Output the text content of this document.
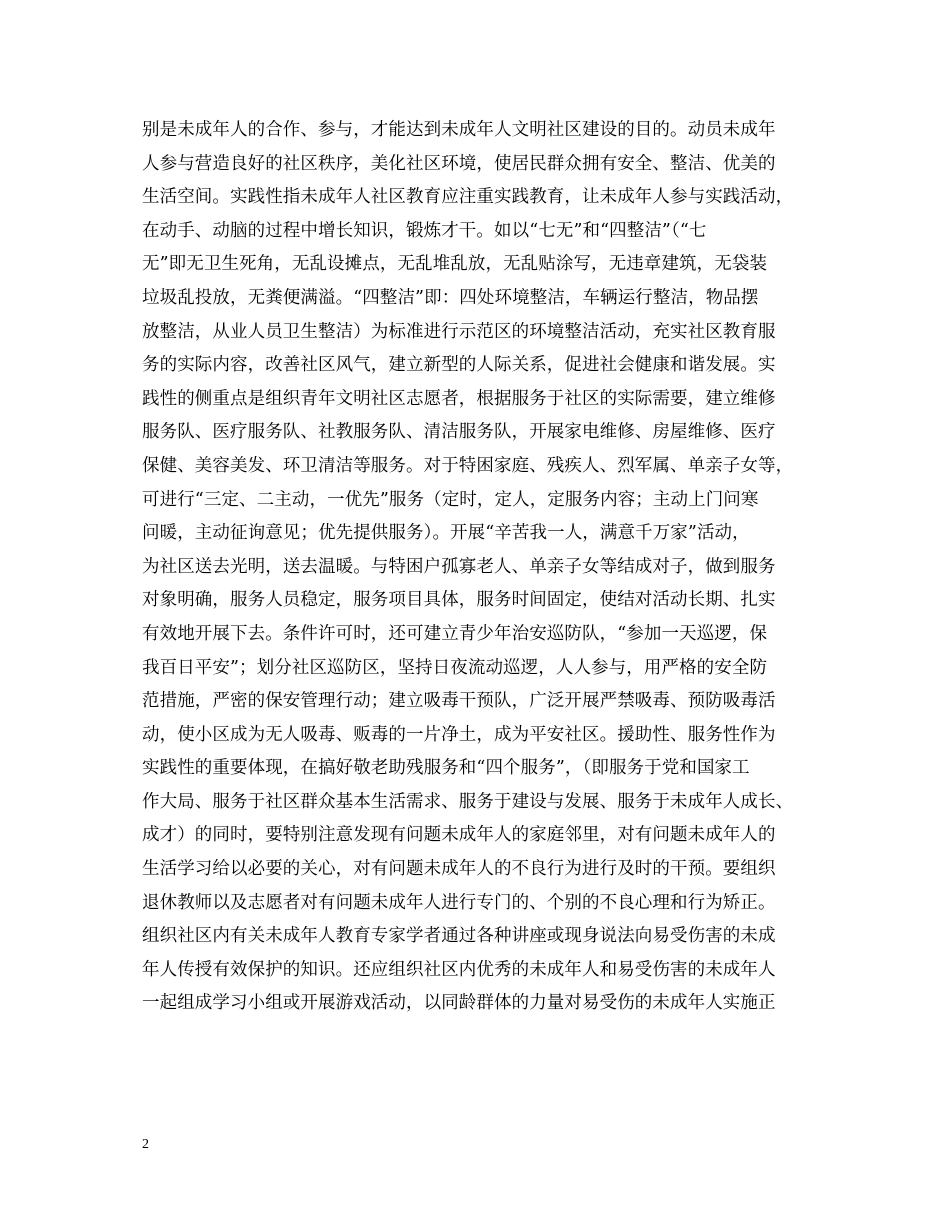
别是未成年人的合作、参与，才能达到未成年人文明社区建设的目的。动员未成年
人参与营造良好的社区秩序，美化社区环境，使居民群众拥有安全、整洁、优美的
生活空间。实践性指未成年人社区教育应注重实践教育，让未成年人参与实践活动，
在动手、动脑的过程中增长知识，锻炼才干。如以“七无”和“四整洁”（“七
无”即无卫生死角，无乱设摊点，无乱堆乱放，无乱贴涂写，无违章建筑，无袋装
垃圾乱投放，无粪便满溢。“四整洁”即：四处环境整洁，车辆运行整洁，物品摆
放整洁，从业人员卫生整洁）为标准进行示范区的环境整洁活动，充实社区教育服
务的实际内容，改善社区风气，建立新型的人际关系，促进社会健康和谐发展。实
践性的侧重点是组织青年文明社区志愿者，根据服务于社区的实际需要，建立维修
服务队、医疗服务队、社教服务队、清洁服务队，开展家电维修、房屋维修、医疗
保健、美容美发、环卫清洁等服务。对于特困家庭、残疾人、烈军属、单亲子女等，
可进行“三定、二主动，一优先”服务（定时，定人，定服务内容；主动上门问寒
问暖，主动征询意见；优先提供服务）。开展“辛苦我一人，满意千万家”活动，
为社区送去光明，送去温暖。与特困户孤寡老人、单亲子女等结成对子，做到服务
对象明确，服务人员稳定，服务项目具体，服务时间固定，使结对活动长期、扎实
有效地开展下去。条件许可时，还可建立青少年治安巡防队，“参加一天巡逻，保
我百日平安”；划分社区巡防区，坚持日夜流动巡逻，人人参与，用严格的安全防
范措施，严密的保安管理行动；建立吸毒干预队，广泛开展严禁吸毒、预防吸毒活
动，使小区成为无人吸毒、贩毒的一片净土，成为平安社区。援助性、服务性作为
实践性的重要体现，在搞好敬老助残服务和“四个服务”，（即服务于党和国家工
作大局、服务于社区群众基本生活需求、服务于建设与发展、服务于未成年人成长、
成才）的同时，要特别注意发现有问题未成年人的家庭邻里，对有问题未成年人的
生活学习给以必要的关心，对有问题未成年人的不良行为进行及时的干预。要组织
退休教师以及志愿者对有问题未成年人进行专门的、个别的不良心理和行为矫正。
组织社区内有关未成年人教育专家学者通过各种讲座或现身说法向易受伤害的未成
年人传授有效保护的知识。还应组织社区内优秀的未成年人和易受伤害的未成年人
一起组成学习小组或开展游戏活动，以同龄群体的力量对易受伤的未成年人实施正
2
